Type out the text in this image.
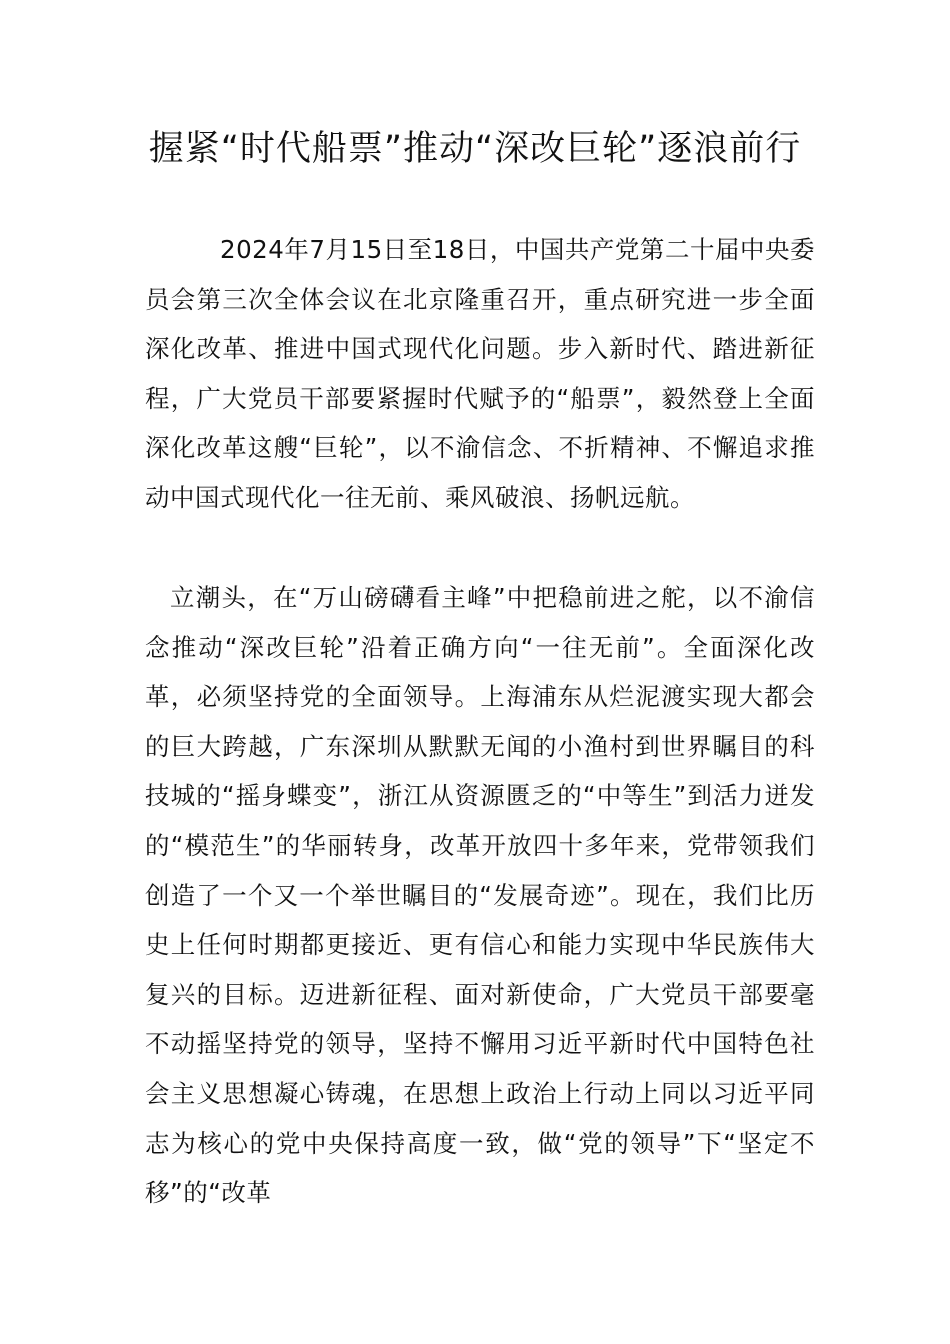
握紧“时代船票”推动“深改巨轮”逐浪前行

2024年7月15日至18日，中国共产党第二十届中央委员会第三次全体会议在北京隆重召开，重点研究进一步全面深化改革、推进中国式现代化问题。步入新时代、踏进新征程，广大党员干部要紧握时代赋予的“船票”，毅然登上全面深化改革这艘“巨轮”，以不渝信念、不折精神、不懈追求推动中国式现代化一往无前、乘风破浪、扬帆远航。

立潮头，在“万山磅礴看主峰”中把稳前进之舵，以不渝信念推动“深改巨轮”沿着正确方向“一往无前”。全面深化改革，必须坚持党的全面领导。上海浦东从烂泥渡实现大都会的巨大跨越，广东深圳从默默无闻的小渔村到世界瞩目的科技城的“摇身蝶变”，浙江从资源匮乏的“中等生”到活力迸发的“模范生”的华丽转身，改革开放四十多年来，党带领我们创造了一个又一个举世瞩目的“发展奇迹”。现在，我们比历史上任何时期都更接近、更有信心和能力实现中华民族伟大复兴的目标。迈进新征程、面对新使命，广大党员干部要毫不动摇坚持党的领导，坚持不懈用习近平新时代中国特色社会主义思想凝心铸魂，在思想上政治上行动上同以习近平同志为核心的党中央保持高度一致，做“党的领导”下“坚定不移”的“改革
